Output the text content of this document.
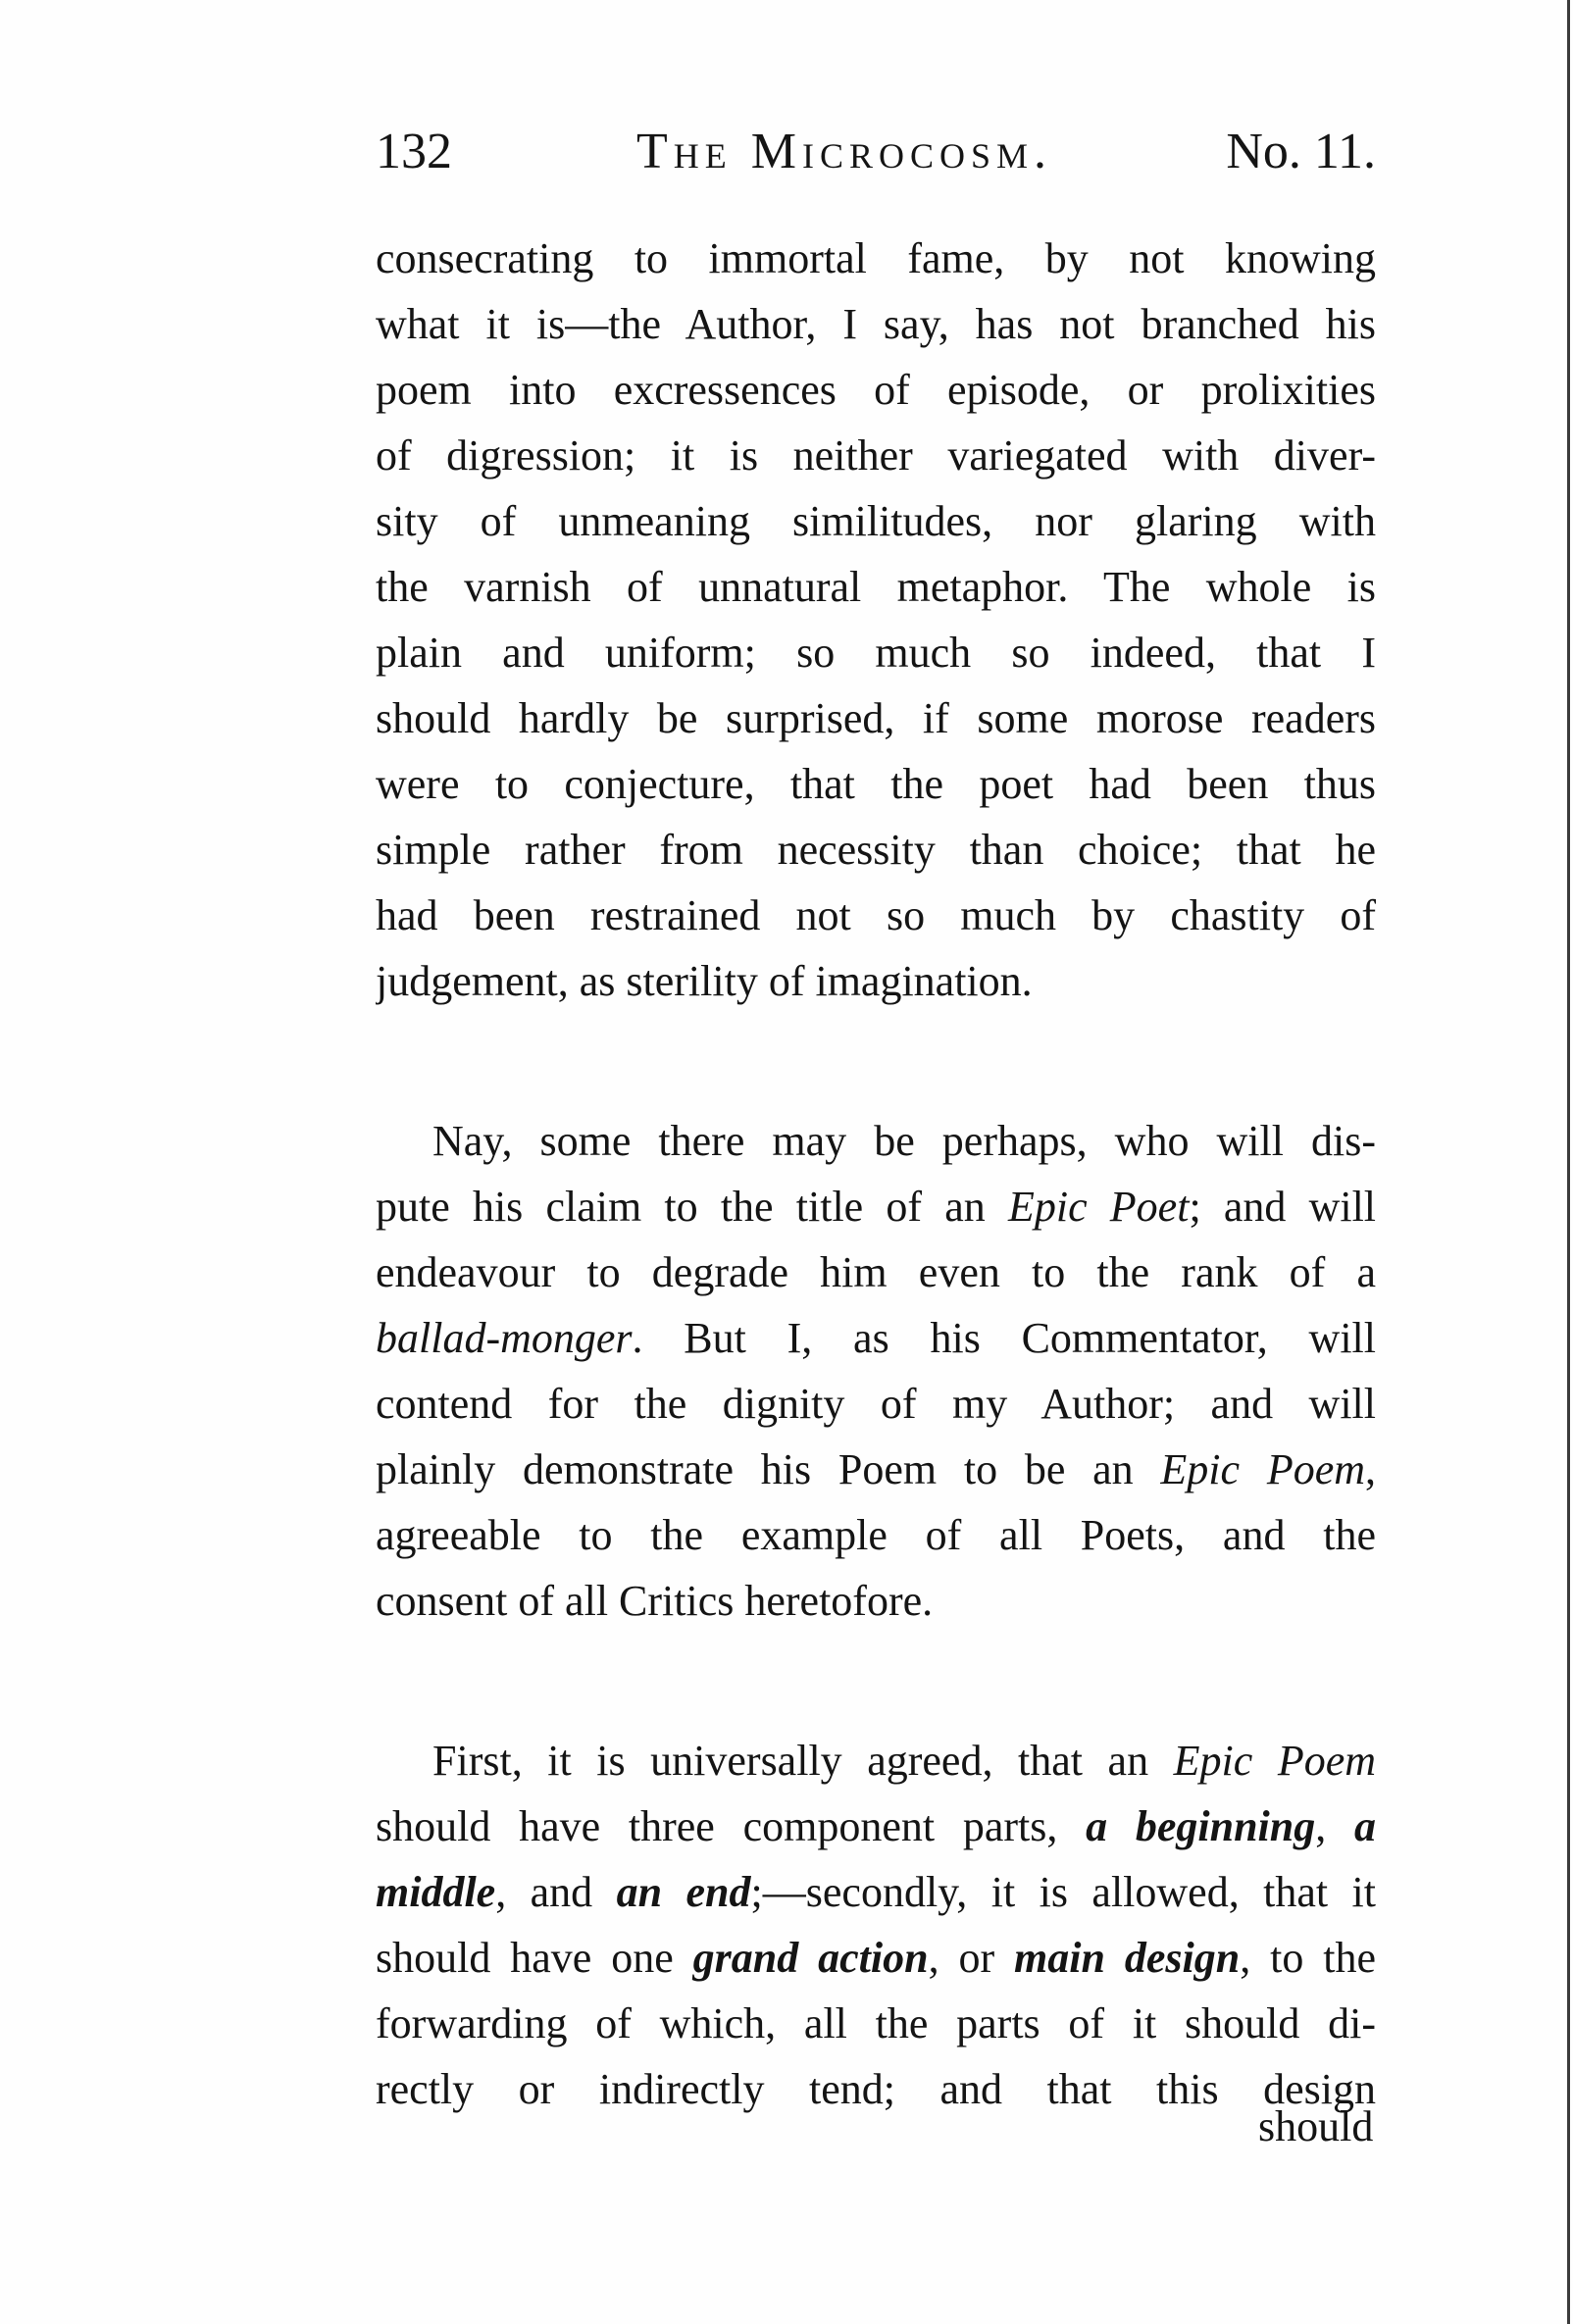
132	The Microcosm.	No. 11.
consecrating to immortal fame, by not knowing
what it is—the Author, I say, has not branched his
poem into excressences of episode, or prolixities
of digression; it is neither variegated with diver-
sity of unmeaning similitudes, nor glaring with
the varnish of unnatural metaphor. The whole is
plain and uniform; so much so indeed, that I
should hardly be surprised, if some morose readers
were to conjecture, that the poet had been thus
simple rather from necessity than choice; that he
had been restrained not so much by chastity of
judgement, as sterility of imagination.
Nay, some there may be perhaps, who will dis-
pute his claim to the title of an Epic Poet; and will
endeavour to degrade him even to the rank of a
ballad-monger. But I, as his Commentator, will
contend for the dignity of my Author; and will
plainly demonstrate his Poem to be an Epic Poem,
agreeable to the example of all Poets, and the
consent of all Critics heretofore.
First, it is universally agreed, that an Epic Poem
should have three component parts, a beginning, a
middle, and an end;—secondly, it is allowed, that it
should have one grand action, or main design, to the
forwarding of which, all the parts of it should di-
rectly or indirectly tend; and that this design
should
